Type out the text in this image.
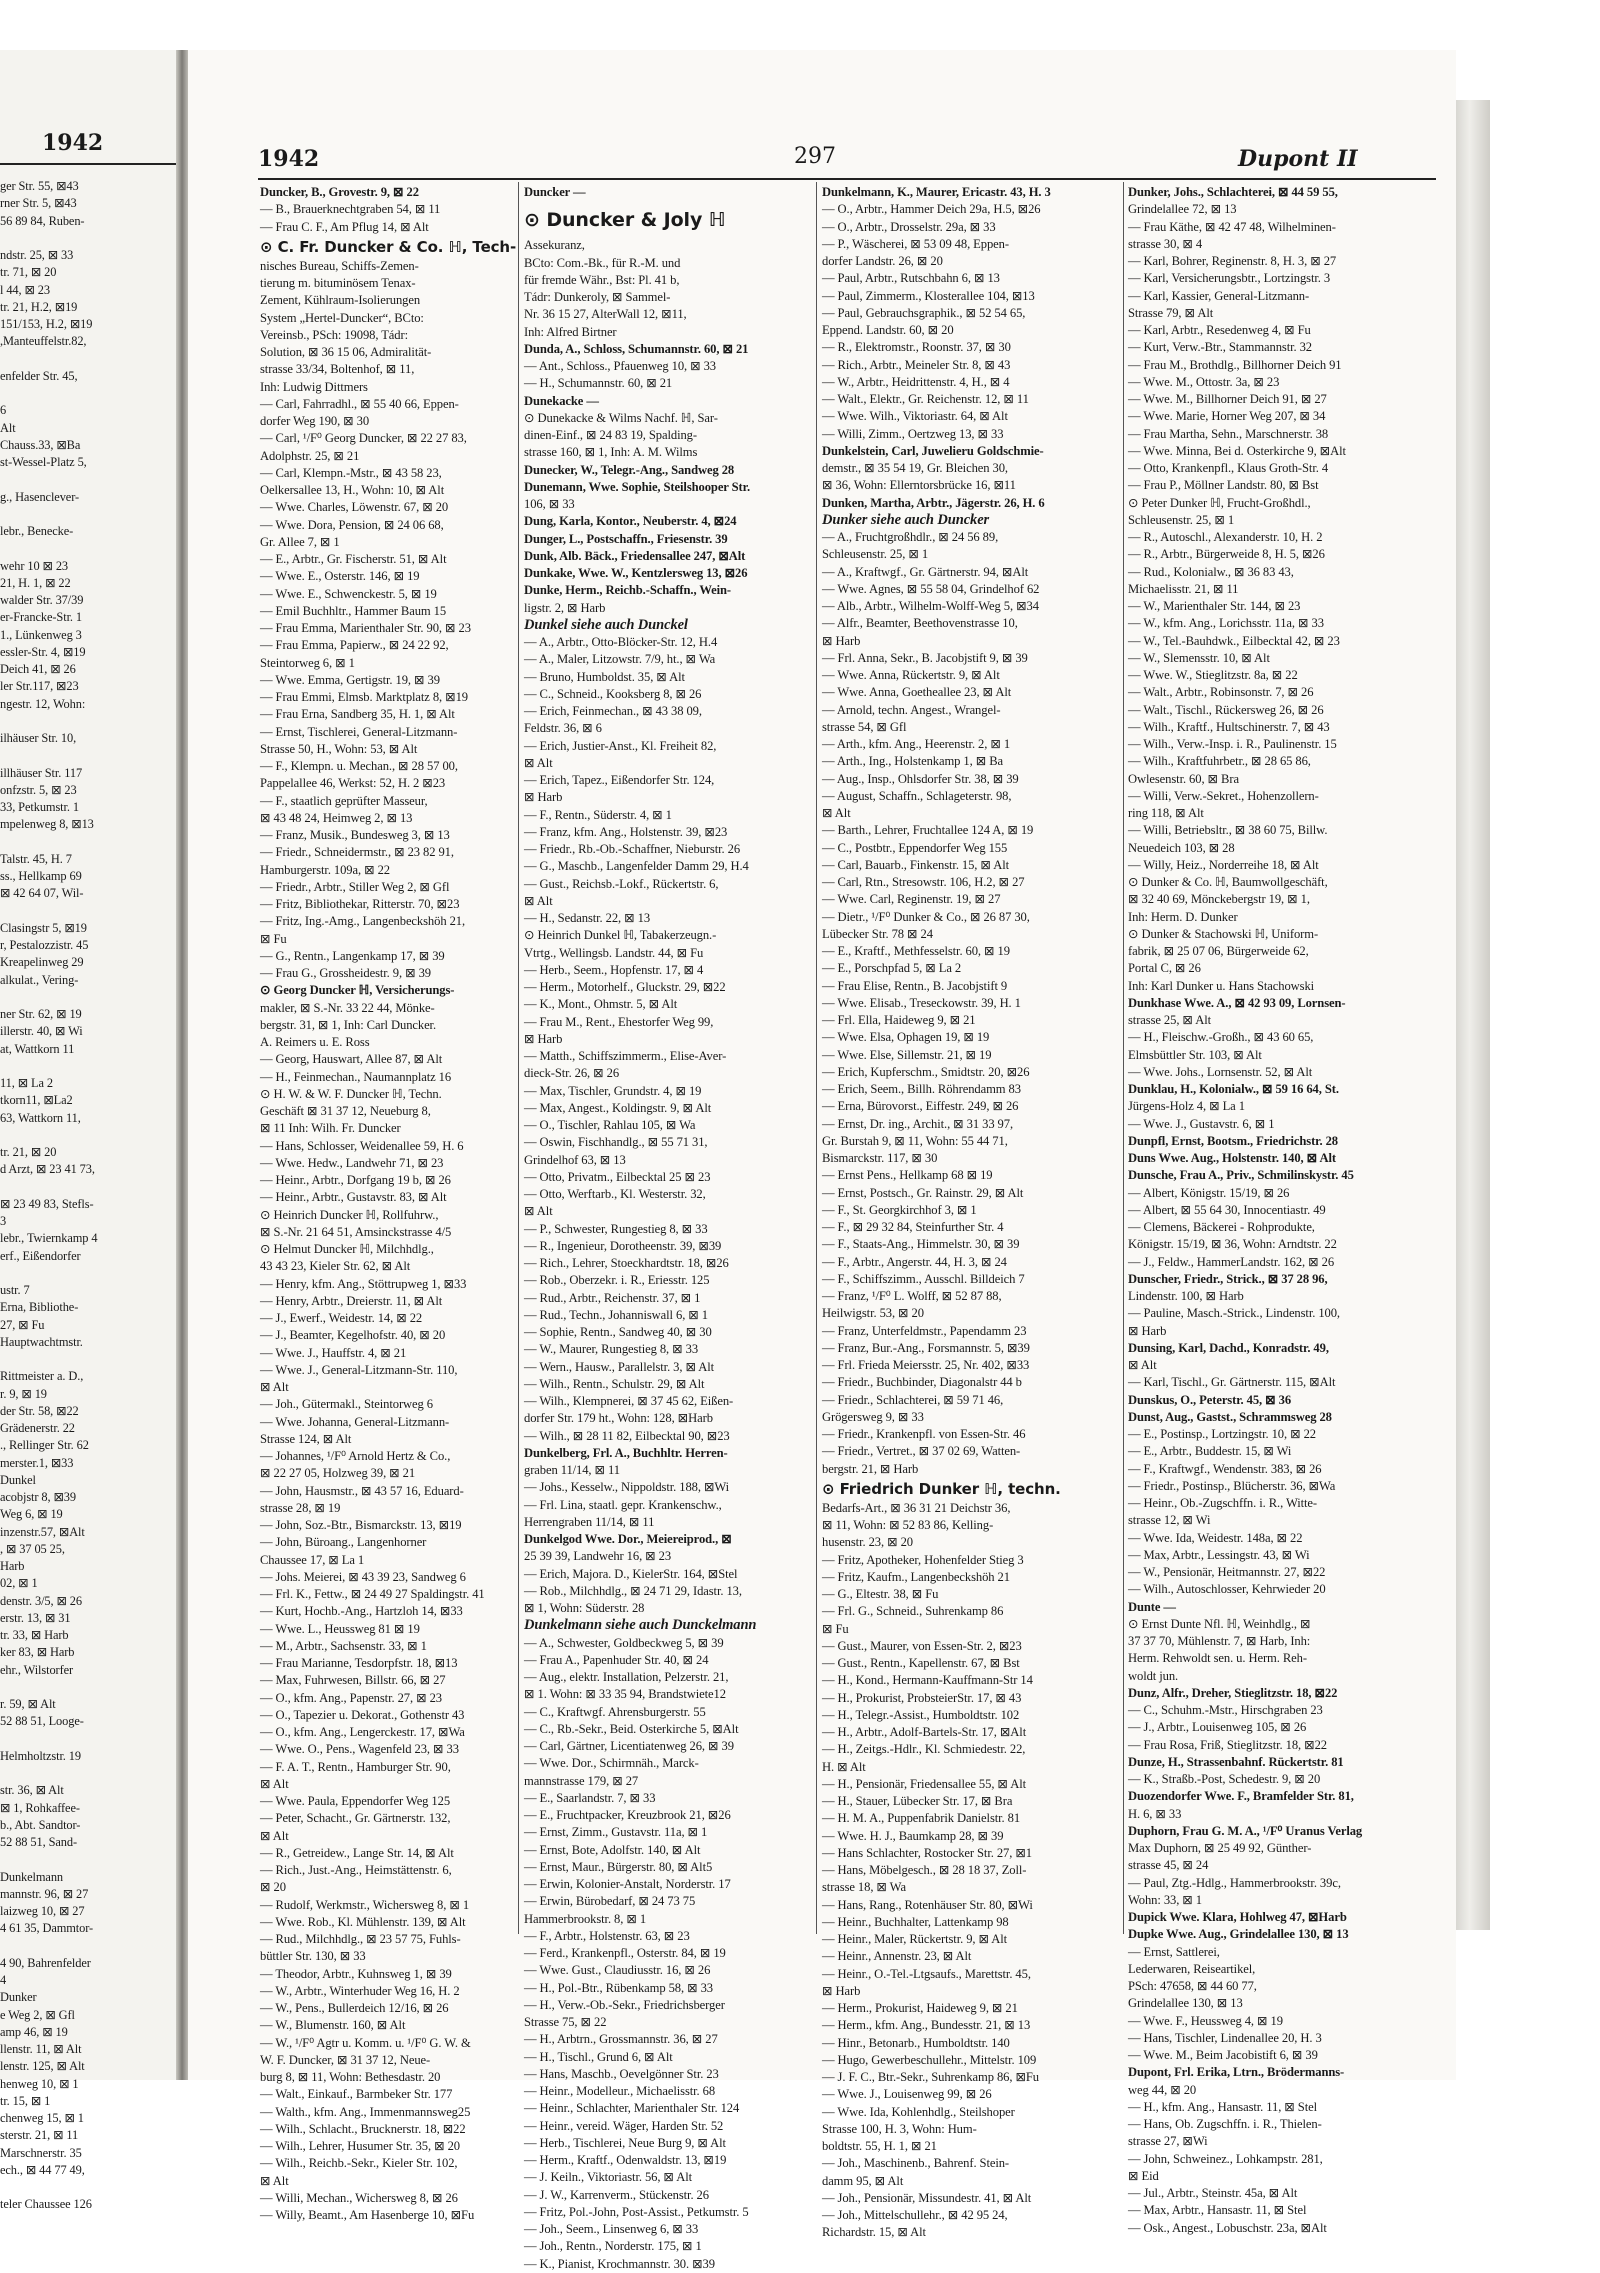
1942
ger Str. 55, ⊠43
rner Str. 5, ⊠43
56 89 84, Ruben-

ndstr. 25, ⊠ 33
tr. 71, ⊠ 20
l 44, ⊠ 23
tr. 21, H.2, ⊠19
151/153, H.2, ⊠19
,Manteuffelstr.82,

enfelder Str. 45,

6
Alt
Chauss.33, ⊠Ba
st-Wessel-Platz 5,

g., Hasenclever-

lebr., Benecke-

wehr 10 ⊠ 23
21, H. 1, ⊠ 22
walder Str. 37/39
er-Francke-Str. 1
1., Lünkenweg 3
essler-Str. 4, ⊠19
Deich 41, ⊠ 26
ler Str.117, ⊠23
ngestr. 12, Wohn:

ilhäuser Str. 10,

illhäuser Str. 117
onfzstr. 5, ⊠ 23
33, Petkumstr. 1
mpelenweg 8, ⊠13

Talstr. 45, H. 7
ss., Hellkamp 69
⊠ 42 64 07, Wil-

Clasingstr 5, ⊠19
r, Pestalozzistr. 45
Kreapelinweg 29
alkulat., Vering-

ner Str. 62, ⊠ 19
illerstr. 40, ⊠ Wi
at, Wattkorn 11

11, ⊠ La 2
tkorn11, ⊠La2
63, Wattkorn 11,

tr. 21, ⊠ 20
d Arzt, ⊠ 23 41 73,

⊠ 23 49 83, Stefls-
3
lebr., Twiernkamp 4
erf., Eißendorfer

ustr. 7
Erna, Bibliothe-
27, ⊠ Fu
Hauptwachtmstr.

Rittmeister a. D.,
r. 9, ⊠ 19
der Str. 58, ⊠22
Grädenerstr. 22
., Rellinger Str. 62
merster.1, ⊠33
Dunkel
acobjstr 8, ⊠39
Weg 6, ⊠ 19
inzenstr.57, ⊠Alt
, ⊠ 37 05 25,
Harb
02, ⊠ 1
denstr. 3/5, ⊠ 26
erstr. 13, ⊠ 31
tr. 33, ⊠ Harb
ker 83, ⊠ Harb
ehr., Wilstorfer

r. 59, ⊠ Alt
52 88 51, Looge-

Helmholtzstr. 19

str. 36, ⊠ Alt
⊠ 1, Rohkaffee-
b., Abt. Sandtor-
52 88 51, Sand-

Dunkelmann
mannstr. 96, ⊠ 27
laizweg 10, ⊠ 27
4 61 35, Dammtor-

4 90, Bahrenfelder
4
Dunker
e Weg 2, ⊠ Gfl
amp 46, ⊠ 19
llenstr. 11, ⊠ Alt
lenstr. 125, ⊠ Alt
henweg 10, ⊠ 1
tr. 15, ⊠ 1
chenweg 15, ⊠ 1
sterstr. 21, ⊠ 11
Marschnerstr. 35
ech., ⊠ 44 77 49,

teler Chaussee 126
1942	297	Dupont II
Duncker, B., Grovestr. 9, ⊠ 22
— B., Brauerknechtgraben 54, ⊠ 11
— Frau C. F., Am Pflug 14, ⊠ Alt
⊙ C. Fr. Duncker & Co. ℍ, Tech-
nisches Bureau, Schiffs-Zemen-
tierung m. bituminösem Tenax-
Zement, Kühlraum-Isolierungen
System „Hertel-Duncker“, BCto:
Vereinsb., PSch: 19098, Tádr:
Solution, ⊠ 36 15 06, Admiralität-
strasse 33/34, Boltenhof, ⊠ 11,
Inh: Ludwig Dittmers
— Carl, Fahrradhl., ⊠ 55 40 66, Eppen-
dorfer Weg 190, ⊠ 30
— Carl, ¹/F⁰ Georg Duncker, ⊠ 22 27 83,
Adolphstr. 25, ⊠ 21
— Carl, Klempn.-Mstr., ⊠ 43 58 23,
Oelkersallee 13, H., Wohn: 10, ⊠ Alt
— Wwe. Charles, Löwenstr. 67, ⊠ 20
— Wwe. Dora, Pension, ⊠ 24 06 68,
Gr. Allee 7, ⊠ 1
— E., Arbtr., Gr. Fischerstr. 51, ⊠ Alt
— Wwe. E., Osterstr. 146, ⊠ 19
— Wwe. E., Schwenckestr. 5, ⊠ 19
— Emil Buchhltr., Hammer Baum 15
— Frau Emma, Marienthaler Str. 90, ⊠ 23
— Frau Emma, Papierw., ⊠ 24 22 92,
Steintorweg 6, ⊠ 1
— Wwe. Emma, Gertigstr. 19, ⊠ 39
— Frau Emmi, Elmsb. Marktplatz 8, ⊠19
— Frau Erna, Sandberg 35, H. 1, ⊠ Alt
— Ernst, Tischlerei, General-Litzmann-
Strasse 50, H., Wohn: 53, ⊠ Alt
— F., Klempn. u. Mechan., ⊠ 28 57 00,
Pappelallee 46, Werkst: 52, H. 2 ⊠23
— F., staatlich geprüfter Masseur,
⊠ 43 48 24, Heimweg 2, ⊠ 13
— Franz, Musik., Bundesweg 3, ⊠ 13
— Friedr., Schneidermstr., ⊠ 23 82 91,
Hamburgerstr. 109a, ⊠ 22
— Friedr., Arbtr., Stiller Weg 2, ⊠ Gfl
— Fritz, Bibliothekar, Ritterstr. 70, ⊠23
— Fritz, Ing.-Amg., Langenbeckshöh 21,
⊠ Fu
— G., Rentn., Langenkamp 17, ⊠ 39
— Frau G., Grossheidestr. 9, ⊠ 39
⊙ Georg Duncker ℍ, Versicherungs-
makler, ⊠ S.-Nr. 33 22 44, Mönke-
bergstr. 31, ⊠ 1, Inh: Carl Duncker.
A. Reimers u. E. Ross
— Georg, Hauswart, Allee 87, ⊠ Alt
— H., Feinmechan., Naumannplatz 16
⊙ H. W. & W. F. Duncker ℍ, Techn.
Geschäft ⊠ 31 37 12, Neueburg 8,
⊠ 11 Inh: Wilh. Fr. Duncker
— Hans, Schlosser, Weidenallee 59, H. 6
— Wwe. Hedw., Landwehr 71, ⊠ 23
— Heinr., Arbtr., Dorfgang 19 b, ⊠ 26
— Heinr., Arbtr., Gustavstr. 83, ⊠ Alt
⊙ Heinrich Duncker ℍ, Rollfuhrw.,
⊠ S.-Nr. 21 64 51, Amsinckstrasse 4/5
⊙ Helmut Duncker ℍ, Milchhdlg.,
43 43 23, Kieler Str. 62, ⊠ Alt
— Henry, kfm. Ang., Stöttrupweg 1, ⊠33
— Henry, Arbtr., Dreierstr. 11, ⊠ Alt
— J., Ewerf., Weidestr. 14, ⊠ 22
— J., Beamter, Kegelhofstr. 40, ⊠ 20
— Wwe. J., Hauffstr. 4, ⊠ 21
— Wwe. J., General-Litzmann-Str. 110,
⊠ Alt
— Joh., Gütermakl., Steintorweg 6
— Wwe. Johanna, General-Litzmann-
Strasse 124, ⊠ Alt
— Johannes, ¹/F⁰ Arnold Hertz & Co.,
⊠ 22 27 05, Holzweg 39, ⊠ 21
— John, Hausmstr., ⊠ 43 57 16, Eduard-
strasse 28, ⊠ 19
— John, Soz.-Btr., Bismarckstr. 13, ⊠19
— John, Büroang., Langenhorner
Chaussee 17, ⊠ La 1
— Johs. Meierei, ⊠ 43 39 23, Sandweg 6
— Frl. K., Fettw., ⊠ 24 49 27 Spaldingstr. 41
— Kurt, Hochb.-Ang., Hartzloh 14, ⊠33
— Wwe. L., Heussweg 81 ⊠ 19
— M., Arbtr., Sachsenstr. 33, ⊠ 1
— Frau Marianne, Tesdorpfstr. 18, ⊠13
— Max, Fuhrwesen, Billstr. 66, ⊠ 27
— O., kfm. Ang., Papenstr. 27, ⊠ 23
— O., Tapezier u. Dekorat., Gothenstr 43
— O., kfm. Ang., Lengerckestr. 17, ⊠Wa
— Wwe. O., Pens., Wagenfeld 23, ⊠ 33
— F. A. T., Rentn., Hamburger Str. 90,
⊠ Alt
— Wwe. Paula, Eppendorfer Weg 125
— Peter, Schacht., Gr. Gärtnerstr. 132,
⊠ Alt
— R., Getreidew., Lange Str. 14, ⊠ Alt
— Rich., Just.-Ang., Heimstättenstr. 6,
⊠ 20
— Rudolf, Werkmstr., Wichersweg 8, ⊠ 1
— Wwe. Rob., Kl. Mühlenstr. 139, ⊠ Alt
— Rud., Milchhdlg., ⊠ 23 57 75, Fuhls-
büttler Str. 130, ⊠ 33
— Theodor, Arbtr., Kuhnsweg 1, ⊠ 39
— W., Arbtr., Winterhuder Weg 16, H. 2
— W., Pens., Bullerdeich 12/16, ⊠ 26
— W., Blumenstr. 160, ⊠ Alt
— W., ¹/F⁰ Agtr u. Komm. u. ¹/F⁰ G. W. &
W. F. Duncker, ⊠ 31 37 12, Neue-
burg 8, ⊠ 11, Wohn: Bethesdastr. 20
— Walt., Einkauf., Barmbeker Str. 177
— Walth., kfm. Ang., Immenmannsweg25
— Wilh., Schlacht., Brucknerstr. 18, ⊠22
— Wilh., Lehrer, Husumer Str. 35, ⊠ 20
— Wilh., Reichb.-Sekr., Kieler Str. 102,
⊠ Alt
— Willi, Mechan., Wichersweg 8, ⊠ 26
— Willy, Beamt., Am Hasenberge 10, ⊠Fu
Duncker —
⊙ Duncker & Joly ℍ
Assekuranz,
BCto: Com.-Bk., für R.-M. und
für fremde Währ., Bst: Pl. 41 b,
Tádr: Dunkeroly, ⊠ Sammel-
Nr. 36 15 27, AlterWall 12, ⊠11,
Inh: Alfred Birtner
Dunda, A., Schloss, Schumannstr. 60, ⊠ 21
— Ant., Schloss., Pfauenweg 10, ⊠ 33
— H., Schumannstr. 60, ⊠ 21
Dunekacke —
⊙ Dunekacke & Wilms Nachf. ℍ, Sar-
dinen-Einf., ⊠ 24 83 19, Spalding-
strasse 160, ⊠ 1, Inh: A. M. Wilms
Dunecker, W., Telegr.-Ang., Sandweg 28
Dunemann, Wwe. Sophie, Steilshooper Str.
106, ⊠ 33
Dung, Karla, Kontor., Neuberstr. 4, ⊠24
Dunger, L., Postschaffn., Friesenstr. 39
Dunk, Alb. Bäck., Friedensallee 247, ⊠Alt
Dunkake, Wwe. W., Kentzlersweg 13, ⊠26
Dunke, Herm., Reichb.-Schaffn., Wein-
ligstr. 2, ⊠ Harb
Dunkel siehe auch Dunckel
— A., Arbtr., Otto-Blöcker-Str. 12, H.4
— A., Maler, Litzowstr. 7/9, ht., ⊠ Wa
— Bruno, Humboldst. 35, ⊠ Alt
— C., Schneid., Kooksberg 8, ⊠ 26
— Erich, Feinmechan., ⊠ 43 38 09,
Feldstr. 36, ⊠ 6
— Erich, Justier-Anst., Kl. Freiheit 82,
⊠ Alt
— Erich, Tapez., Eißendorfer Str. 124,
⊠ Harb
— F., Rentn., Süderstr. 4, ⊠ 1
— Franz, kfm. Ang., Holstenstr. 39, ⊠23
— Friedr., Rb.-Ob.-Schaffner, Nieburstr. 26
— G., Maschb., Langenfelder Damm 29, H.4
— Gust., Reichsb.-Lokf., Rückertstr. 6,
⊠ Alt
— H., Sedanstr. 22, ⊠ 13
⊙ Heinrich Dunkel ℍ, Tabakerzeugn.-
Vtrtg., Wellingsb. Landstr. 44, ⊠ Fu
— Herb., Seem., Hopfenstr. 17, ⊠ 4
— Herm., Motorhelf., Gluckstr. 29, ⊠22
— K., Mont., Ohmstr. 5, ⊠ Alt
— Frau M., Rent., Ehestorfer Weg 99,
⊠ Harb
— Matth., Schiffszimmerm., Elise-Aver-
dieck-Str. 26, ⊠ 26
— Max, Tischler, Grundstr. 4, ⊠ 19
— Max, Angest., Koldingstr. 9, ⊠ Alt
— O., Tischler, Rahlau 105, ⊠ Wa
— Oswin, Fischhandlg., ⊠ 55 71 31,
Grindelhof 63, ⊠ 13
— Otto, Privatm., Eilbecktal 25 ⊠ 23
— Otto, Werftarb., Kl. Westerstr. 32,
⊠ Alt
— P., Schwester, Rungestieg 8, ⊠ 33
— R., Ingenieur, Dorotheenstr. 39, ⊠39
— Rich., Lehrer, Stoeckhardtstr. 18, ⊠26
— Rob., Oberzekr. i. R., Eriesstr. 125
— Rud., Arbtr., Reichenstr. 37, ⊠ 1
— Rud., Techn., Johanniswall 6, ⊠ 1
— Sophie, Rentn., Sandweg 40, ⊠ 30
— W., Maurer, Rungestieg 8, ⊠ 33
— Wern., Hausw., Parallelstr. 3, ⊠ Alt
— Wilh., Rentn., Schulstr. 29, ⊠ Alt
— Wilh., Klempnerei, ⊠ 37 45 62, Eißen-
dorfer Str. 179 ht., Wohn: 128, ⊠Harb
— Wilh., ⊠ 28 11 82, Eilbecktal 90, ⊠23
Dunkelberg, Frl. A., Buchhltr. Herren-
graben 11/14, ⊠ 11
— Johs., Kesselw., Nippoldstr. 188, ⊠Wi
— Frl. Lina, staatl. gepr. Krankenschw.,
Herrengraben 11/14, ⊠ 11
Dunkelgod Wwe. Dor., Meiereiprod., ⊠
25 39 39, Landwehr 16, ⊠ 23
— Erich, Majora. D., KielerStr. 164, ⊠Stel
— Rob., Milchhdlg., ⊠ 24 71 29, Idastr. 13,
⊠ 1, Wohn: Süderstr. 28
Dunkelmann siehe auch Dunckelmann
— A., Schwester, Goldbeckweg 5, ⊠ 39
— Frau A., Papenhuder Str. 40, ⊠ 24
— Aug., elektr. Installation, Pelzerstr. 21,
⊠ 1. Wohn: ⊠ 33 35 94, Brandstwiete12
— C., Kraftwgf. Ahrensburgerstr. 55
— C., Rb.-Sekr., Beid. Osterkirche 5, ⊠Alt
— Carl, Gärtner, Licentiatenweg 26, ⊠ 39
— Wwe. Dor., Schirmnäh., Marck-
mannstrasse 179, ⊠ 27
— E., Saarlandstr. 7, ⊠ 33
— E., Fruchtpacker, Kreuzbrook 21, ⊠26
— Ernst, Zimm., Gustavstr. 11a, ⊠ 1
— Ernst, Bote, Adolfstr. 140, ⊠ Alt
— Ernst, Maur., Bürgerstr. 80, ⊠ Alt5
— Erwin, Kolonier-Anstalt, Norderstr. 17
— Erwin, Bürobedarf, ⊠ 24 73 75
Hammerbrookstr. 8, ⊠ 1
— F., Arbtr., Holstenstr. 63, ⊠ 23
— Ferd., Krankenpfl., Osterstr. 84, ⊠ 19
— Wwe. Gust., Claudiusstr. 16, ⊠ 26
— H., Pol.-Btr., Rübenkamp 58, ⊠ 33
— H., Verw.-Ob.-Sekr., Friedrichsberger
Strasse 75, ⊠ 22
— H., Arbtrn., Grossmannstr. 36, ⊠ 27
— H., Tischl., Grund 6, ⊠ Alt
— Hans, Maschb., Oevelgönner Str. 23
— Heinr., Modelleur., Michaelisstr. 68
— Heinr., Schlachter, Marienthaler Str. 124
— Heinr., vereid. Wäger, Harden Str. 52
— Herb., Tischlerei, Neue Burg 9, ⊠ Alt
— Herm., Kraftf., Odenwaldstr. 13, ⊠19
— J. Keiln., Viktoriastr. 56, ⊠ Alt
— J. W., Karrenverm., Stückenstr. 26
— Fritz, Pol.-John, Post-Assist., Petkumstr. 5
— Joh., Seem., Linsenweg 6, ⊠ 33
— Joh., Rentn., Norderstr. 175, ⊠ 1
— K., Pianist, Krochmannstr. 30. ⊠39
Dunkelmann, K., Maurer, Ericastr. 43, H. 3
— O., Arbtr., Hammer Deich 29a, H.5, ⊠26
— O., Arbtr., Drosselstr. 29a, ⊠ 33
— P., Wäscherei, ⊠ 53 09 48, Eppen-
dorfer Landstr. 26, ⊠ 20
— Paul, Arbtr., Rutschbahn 6, ⊠ 13
— Paul, Zimmerm., Klosterallee 104, ⊠13
— Paul, Gebrauchsgraphik., ⊠ 52 54 65,
Eppend. Landstr. 60, ⊠ 20
— R., Elektromstr., Roonstr. 37, ⊠ 30
— Rich., Arbtr., Meineler Str. 8, ⊠ 43
— W., Arbtr., Heidrittenstr. 4, H., ⊠ 4
— Walt., Elektr., Gr. Reichenstr. 12, ⊠ 11
— Wwe. Wilh., Viktoriastr. 64, ⊠ Alt
— Willi, Zimm., Oertzweg 13, ⊠ 33
Dunkelstein, Carl, Juwelieru Goldschmie-
demstr., ⊠ 35 54 19, Gr. Bleichen 30,
⊠ 36, Wohn: Ellerntorsbrücke 16, ⊠11
Dunken, Martha, Arbtr., Jägerstr. 26, H. 6
Dunker siehe auch Duncker
— A., Fruchtgroßhdlr., ⊠ 24 56 89,
Schleusenstr. 25, ⊠ 1
— A., Kraftwgf., Gr. Gärtnerstr. 94, ⊠Alt
— Wwe. Agnes, ⊠ 55 58 04, Grindelhof 62
— Alb., Arbtr., Wilhelm-Wolff-Weg 5, ⊠34
— Alfr., Beamter, Beethovenstrasse 10,
⊠ Harb
— Frl. Anna, Sekr., B. Jacobjstift 9, ⊠ 39
— Wwe. Anna, Rückertstr. 9, ⊠ Alt
— Wwe. Anna, Goetheallee 23, ⊠ Alt
— Arnold, techn. Angest., Wrangel-
strasse 54, ⊠ Gfl
— Arth., kfm. Ang., Heerenstr. 2, ⊠ 1
— Arth., Ing., Holstenkamp 1, ⊠ Ba
— Aug., Insp., Ohlsdorfer Str. 38, ⊠ 39
— August, Schaffn., Schlageterstr. 98,
⊠ Alt
— Barth., Lehrer, Fruchtallee 124 A, ⊠ 19
— C., Postbtr., Eppendorfer Weg 155
— Carl, Bauarb., Finkenstr. 15, ⊠ Alt
— Carl, Rtn., Stresowstr. 106, H.2, ⊠ 27
— Wwe. Carl, Reginenstr. 19, ⊠ 27
— Dietr., ¹/F⁰ Dunker & Co., ⊠ 26 87 30,
Lübecker Str. 78 ⊠ 24
— E., Kraftf., Methfesselstr. 60, ⊠ 19
— E., Porschpfad 5, ⊠ La 2
— Frau Elise, Rentn., B. Jacobjstift 9
— Wwe. Elisab., Treseckowstr. 39, H. 1
— Frl. Ella, Haideweg 9, ⊠ 21
— Wwe. Elsa, Ophagen 19, ⊠ 19
— Wwe. Else, Sillemstr. 21, ⊠ 19
— Erich, Kupferschm., Smidtstr. 20, ⊠26
— Erich, Seem., Billh. Röhrendamm 83
— Erna, Bürovorst., Eiffestr. 249, ⊠ 26
— Ernst, Dr. ing., Archit., ⊠ 31 33 97,
Gr. Burstah 9, ⊠ 11, Wohn: 55 44 71,
Bismarckstr. 117, ⊠ 30
— Ernst Pens., Hellkamp 68 ⊠ 19
— Ernst, Postsch., Gr. Rainstr. 29, ⊠ Alt
— F., St. Georgkirchhof 3, ⊠ 1
— F., ⊠ 29 32 84, Steinfurther Str. 4
— F., Staats-Ang., Himmelstr. 30, ⊠ 39
— F., Arbtr., Angerstr. 44, H. 3, ⊠ 24
— F., Schiffszimm., Ausschl. Billdeich 7
— Franz, ¹/F⁰ L. Wolff, ⊠ 52 87 88,
Heilwigstr. 53, ⊠ 20
— Franz, Unterfeldmstr., Papendamm 23
— Franz, Bur.-Ang., Forsmannstr. 5, ⊠39
— Frl. Frieda Meiersstr. 25, Nr. 402, ⊠33
— Friedr., Buchbinder, Diagonalstr 44 b
— Friedr., Schlachterei, ⊠ 59 71 46,
Grögersweg 9, ⊠ 33
— Friedr., Krankenpfl. von Essen-Str. 46
— Friedr., Vertret., ⊠ 37 02 69, Watten-
bergstr. 21, ⊠ Harb
⊙ Friedrich Dunker ℍ, techn.
Bedarfs-Art., ⊠ 36 31 21 Deichstr 36,
⊠ 11, Wohn: ⊠ 52 83 86, Kelling-
husenstr. 23, ⊠ 20
— Fritz, Apotheker, Hohenfelder Stieg 3
— Fritz, Kaufm., Langenbeckshöh 21
— G., Eltestr. 38, ⊠ Fu
— Frl. G., Schneid., Suhrenkamp 86
⊠ Fu
— Gust., Maurer, von Essen-Str. 2, ⊠23
— Gust., Rentn., Kapellenstr. 67, ⊠ Bst
— H., Kond., Hermann-Kauffmann-Str 14
— H., Prokurist, ProbsteierStr. 17, ⊠ 43
— H., Telegr.-Assist., Humboldtstr. 102
— H., Arbtr., Adolf-Bartels-Str. 17, ⊠Alt
— H., Zeitgs.-Hdlr., Kl. Schmiedestr. 22,
H. ⊠ Alt
— H., Pensionär, Friedensallee 55, ⊠ Alt
— H., Stauer, Lübecker Str. 17, ⊠ Bra
— H. M. A., Puppenfabrik Danielstr. 81
— Wwe. H. J., Baumkamp 28, ⊠ 39
— Hans Schlachter, Rostocker Str. 27, ⊠1
— Hans, Möbelgesch., ⊠ 28 18 37, Zoll-
strasse 18, ⊠ Wa
— Hans, Rang., Rotenhäuser Str. 80, ⊠Wi
— Heinr., Buchhalter, Lattenkamp 98
— Heinr., Maler, Rückertstr. 9, ⊠ Alt
— Heinr., Annenstr. 23, ⊠ Alt
— Heinr., O.-Tel.-Ltgsaufs., Marettstr. 45,
⊠ Harb
— Herm., Prokurist, Haideweg 9, ⊠ 21
— Herm., kfm. Ang., Bundesstr. 21, ⊠ 13
— Hinr., Betonarb., Humboldtstr. 140
— Hugo, Gewerbeschullehr., Mittelstr. 109
— J. F. C., Btr.-Sekr., Suhrenkamp 86, ⊠Fu
— Wwe. J., Louisenweg 99, ⊠ 26
— Wwe. Ida, Kohlenhdlg., Steilshoper
Strasse 100, H. 3, Wohn: Hum-
boldtstr. 55, H. 1, ⊠ 21
— Joh., Maschinenb., Bahrenf. Stein-
damm 95, ⊠ Alt
— Joh., Pensionär, Missundestr. 41, ⊠ Alt
— Joh., Mittelschullehr., ⊠ 42 95 24,
Richardstr. 15, ⊠ Alt
Dunker, Johs., Schlachterei, ⊠ 44 59 55,
Grindelallee 72, ⊠ 13
— Frau Käthe, ⊠ 42 47 48, Wilhelminen-
strasse 30, ⊠ 4
— Karl, Bohrer, Reginenstr. 8, H. 3, ⊠ 27
— Karl, Versicherungsbtr., Lortzingstr. 3
— Karl, Kassier, General-Litzmann-
Strasse 79, ⊠ Alt
— Karl, Arbtr., Resedenweg 4, ⊠ Fu
— Kurt, Verw.-Btr., Stammannstr. 32
— Frau M., Brothdlg., Billhorner Deich 91
— Wwe. M., Ottostr. 3a, ⊠ 23
— Wwe. M., Billhorner Deich 91, ⊠ 27
— Wwe. Marie, Horner Weg 207, ⊠ 34
— Frau Martha, Sehn., Marschnerstr. 38
— Wwe. Minna, Bei d. Osterkirche 9, ⊠Alt
— Otto, Krankenpfl., Klaus Groth-Str. 4
— Frau P., Möllner Landstr. 80, ⊠ Bst
⊙ Peter Dunker ℍ, Frucht-Großhdl.,
Schleusenstr. 25, ⊠ 1
— R., Autoschl., Alexanderstr. 10, H. 2
— R., Arbtr., Bürgerweide 8, H. 5, ⊠26
— Rud., Kolonialw., ⊠ 36 83 43,
Michaelisstr. 21, ⊠ 11
— W., Marienthaler Str. 144, ⊠ 23
— W., kfm. Ang., Lorichsstr. 11a, ⊠ 33
— W., Tel.-Bauhdwk., Eilbecktal 42, ⊠ 23
— W., Slemensstr. 10, ⊠ Alt
— Wwe. W., Stieglitzstr. 8a, ⊠ 22
— Walt., Arbtr., Robinsonstr. 7, ⊠ 26
— Walt., Tischl., Rückersweg 26, ⊠ 26
— Wilh., Kraftf., Hultschinerstr. 7, ⊠ 43
— Wilh., Verw.-Insp. i. R., Paulinenstr. 15
— Wilh., Kraftfuhrbetr., ⊠ 28 65 86,
Owlesenstr. 60, ⊠ Bra
— Willi, Verw.-Sekret., Hohenzollern-
ring 118, ⊠ Alt
— Willi, Betriebsltr., ⊠ 38 60 75, Billw.
Neuedeich 103, ⊠ 28
— Willy, Heiz., Norderreihe 18, ⊠ Alt
⊙ Dunker & Co. ℍ, Baumwollgeschäft,
⊠ 32 40 69, Mönckebergstr 19, ⊠ 1,
Inh: Herm. D. Dunker
⊙ Dunker & Stachowski ℍ, Uniform-
fabrik, ⊠ 25 07 06, Bürgerweide 62,
Portal C, ⊠ 26
Inh: Karl Dunker u. Hans Stachowski
Dunkhase Wwe. A., ⊠ 42 93 09, Lornsen-
strasse 25, ⊠ Alt
— H., Fleischw.-Großh., ⊠ 43 60 65,
Elmsbüttler Str. 103, ⊠ Alt
— Wwe. Johs., Lornsenstr. 52, ⊠ Alt
Dunklau, H., Kolonialw., ⊠ 59 16 64, St.
Jürgens-Holz 4, ⊠ La 1
— Wwe. J., Gustavstr. 6, ⊠ 1
Dunpfl, Ernst, Bootsm., Friedrichstr. 28
Duns Wwe. Aug., Holstenstr. 140, ⊠ Alt
Dunsche, Frau A., Priv., Schmilinskystr. 45
— Albert, Königstr. 15/19, ⊠ 26
— Albert, ⊠ 55 64 30, Innocentiastr. 49
— Clemens, Bäckerei - Rohprodukte,
Königstr. 15/19, ⊠ 36, Wohn: Arndtstr. 22
— J., Feldw., HammerLandstr. 162, ⊠ 26
Dunscher, Friedr., Strick., ⊠ 37 28 96,
Lindenstr. 100, ⊠ Harb
— Pauline, Masch.-Strick., Lindenstr. 100,
⊠ Harb
Dunsing, Karl, Dachd., Konradstr. 49,
⊠ Alt
— Karl, Tischl., Gr. Gärtnerstr. 115, ⊠Alt
Dunskus, O., Peterstr. 45, ⊠ 36
Dunst, Aug., Gastst., Schrammsweg 28
— E., Postinsp., Lortzingstr. 10, ⊠ 22
— E., Arbtr., Buddestr. 15, ⊠ Wi
— F., Kraftwgf., Wendenstr. 383, ⊠ 26
— Friedr., Postinsp., Blücherstr. 36, ⊠Wa
— Heinr., Ob.-Zugschffn. i. R., Witte-
strasse 12, ⊠ Wi
— Wwe. Ida, Weidestr. 148a, ⊠ 22
— Max, Arbtr., Lessingstr. 43, ⊠ Wi
— W., Pensionär, Heitmannstr. 27, ⊠22
— Wilh., Autoschlosser, Kehrwieder 20
Dunte —
⊙ Ernst Dunte Nfl. ℍ, Weinhdlg., ⊠
37 37 70, Mühlenstr. 7, ⊠ Harb, Inh:
Herm. Rehwoldt sen. u. Herm. Reh-
woldt jun.
Dunz, Alfr., Dreher, Stieglitzstr. 18, ⊠22
— C., Schuhm.-Mstr., Hirschgraben 23
— J., Arbtr., Louisenweg 105, ⊠ 26
— Frau Rosa, Friß, Stieglitzstr. 18, ⊠22
Dunze, H., Strassenbahnf. Rückertstr. 81
— K., Straßb.-Post, Schedestr. 9, ⊠ 20
Duozendorfer Wwe. F., Bramfelder Str. 81,
H. 6, ⊠ 33
Duphorn, Frau G. M. A., ¹/F⁰ Uranus Verlag
Max Duphorn, ⊠ 25 49 92, Günther-
strasse 45, ⊠ 24
— Paul, Ztg.-Hdlg., Hammerbrookstr. 39c,
Wohn: 33, ⊠ 1
Dupick Wwe. Klara, Hohlweg 47, ⊠Harb
Dupke Wwe. Aug., Grindelallee 130, ⊠ 13
— Ernst, Sattlerei,
Lederwaren, Reiseartikel,
PSch: 47658, ⊠ 44 60 77,
Grindelallee 130, ⊠ 13
— Wwe. F., Heussweg 4, ⊠ 19
— Hans, Tischler, Lindenallee 20, H. 3
— Wwe. M., Beim Jacobistift 6, ⊠ 39
Dupont, Frl. Erika, Ltrn., Brödermanns-
weg 44, ⊠ 20
— H., kfm. Ang., Hansastr. 11, ⊠ Stel
— Hans, Ob. Zugschffn. i. R., Thielen-
strasse 27, ⊠Wi
— John, Schweinez., Lohkampstr. 281,
⊠ Eid
— Jul., Arbtr., Steinstr. 45a, ⊠ Alt
— Max, Arbtr., Hansastr. 11, ⊠ Stel
— Osk., Angest., Lobuschstr. 23a, ⊠Alt
